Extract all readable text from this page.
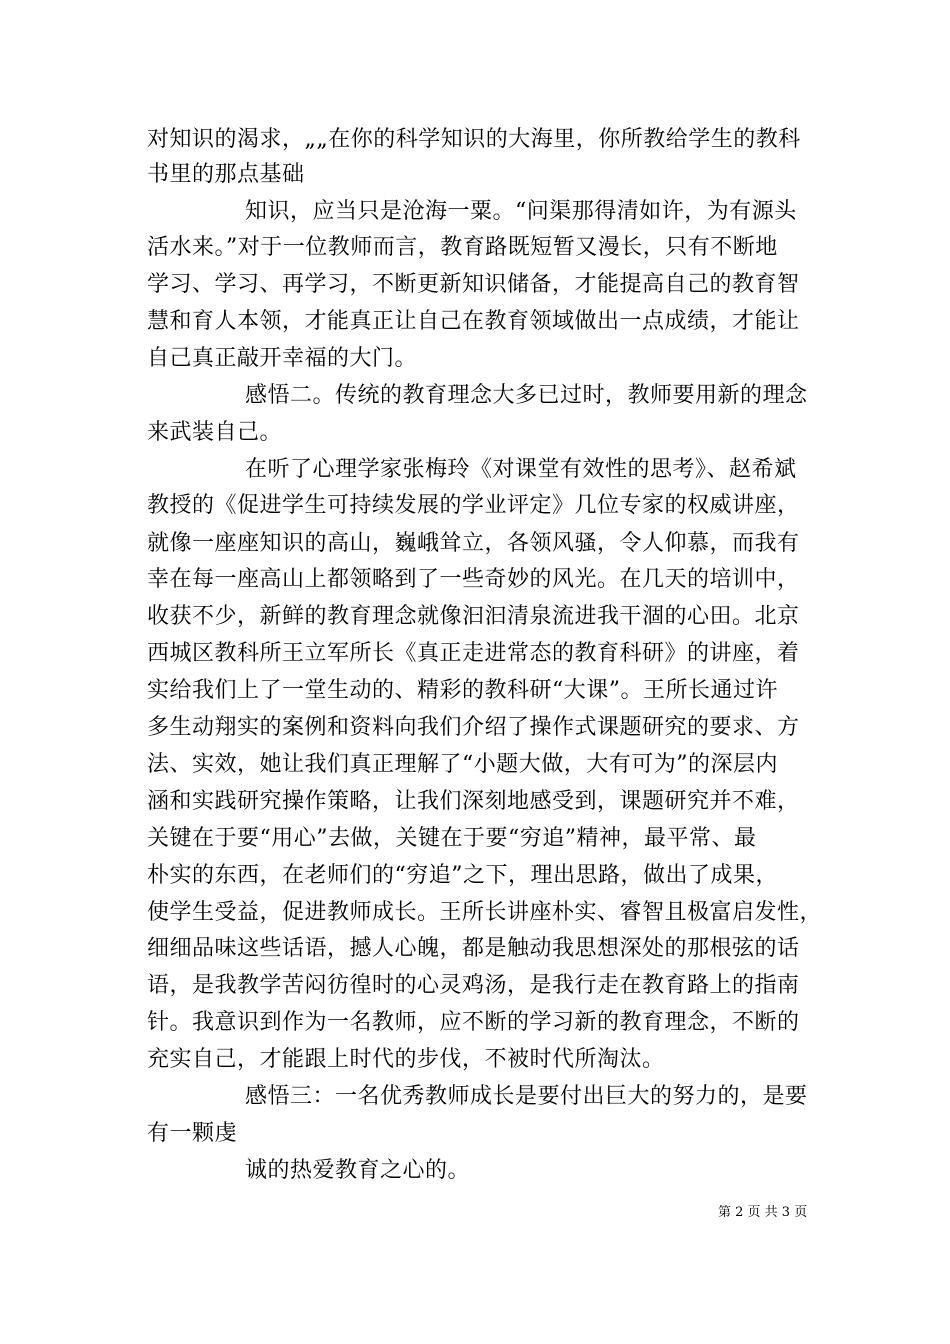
对知识的渴求，„„在你的科学知识的大海里，你所教给学生的教科
书里的那点基础
知识，应当只是沧海一粟。“问渠那得清如许，为有源头
活水来。”对于一位教师而言，教育路既短暂又漫长，只有不断地
学习、学习、再学习，不断更新知识储备，才能提高自己的教育智
慧和育人本领，才能真正让自己在教育领域做出一点成绩，才能让
自己真正敲开幸福的大门。
感悟二。传统的教育理念大多已过时，教师要用新的理念
来武装自己。
在听了心理学家张梅玲《对课堂有效性的思考》、赵希斌
教授的《促进学生可持续发展的学业评定》几位专家的权威讲座，
就像一座座知识的高山，巍峨耸立，各领风骚，令人仰慕，而我有
幸在每一座高山上都领略到了一些奇妙的风光。在几天的培训中，
收获不少，新鲜的教育理念就像汩汩清泉流进我干涸的心田。北京
西城区教科所王立军所长《真正走进常态的教育科研》的讲座，着
实给我们上了一堂生动的、精彩的教科研“大课”。王所长通过许
多生动翔实的案例和资料向我们介绍了操作式课题研究的要求、方
法、实效，她让我们真正理解了“小题大做，大有可为”的深层内
涵和实践研究操作策略，让我们深刻地感受到，课题研究并不难，
关键在于要“用心”去做，关键在于要“穷追”精神，最平常、最
朴实的东西，在老师们的“穷追”之下，理出思路，做出了成果，
使学生受益，促进教师成长。王所长讲座朴实、睿智且极富启发性，
细细品味这些话语，撼人心魄，都是触动我思想深处的那根弦的话
语，是我教学苦闷彷徨时的心灵鸡汤，是我行走在教育路上的指南
针。我意识到作为一名教师，应不断的学习新的教育理念，不断的
充实自己，才能跟上时代的步伐，不被时代所淘汰。
感悟三：一名优秀教师成长是要付出巨大的努力的，是要
有一颗虔
诚的热爱教育之心的。
第 2 页 共 3 页
